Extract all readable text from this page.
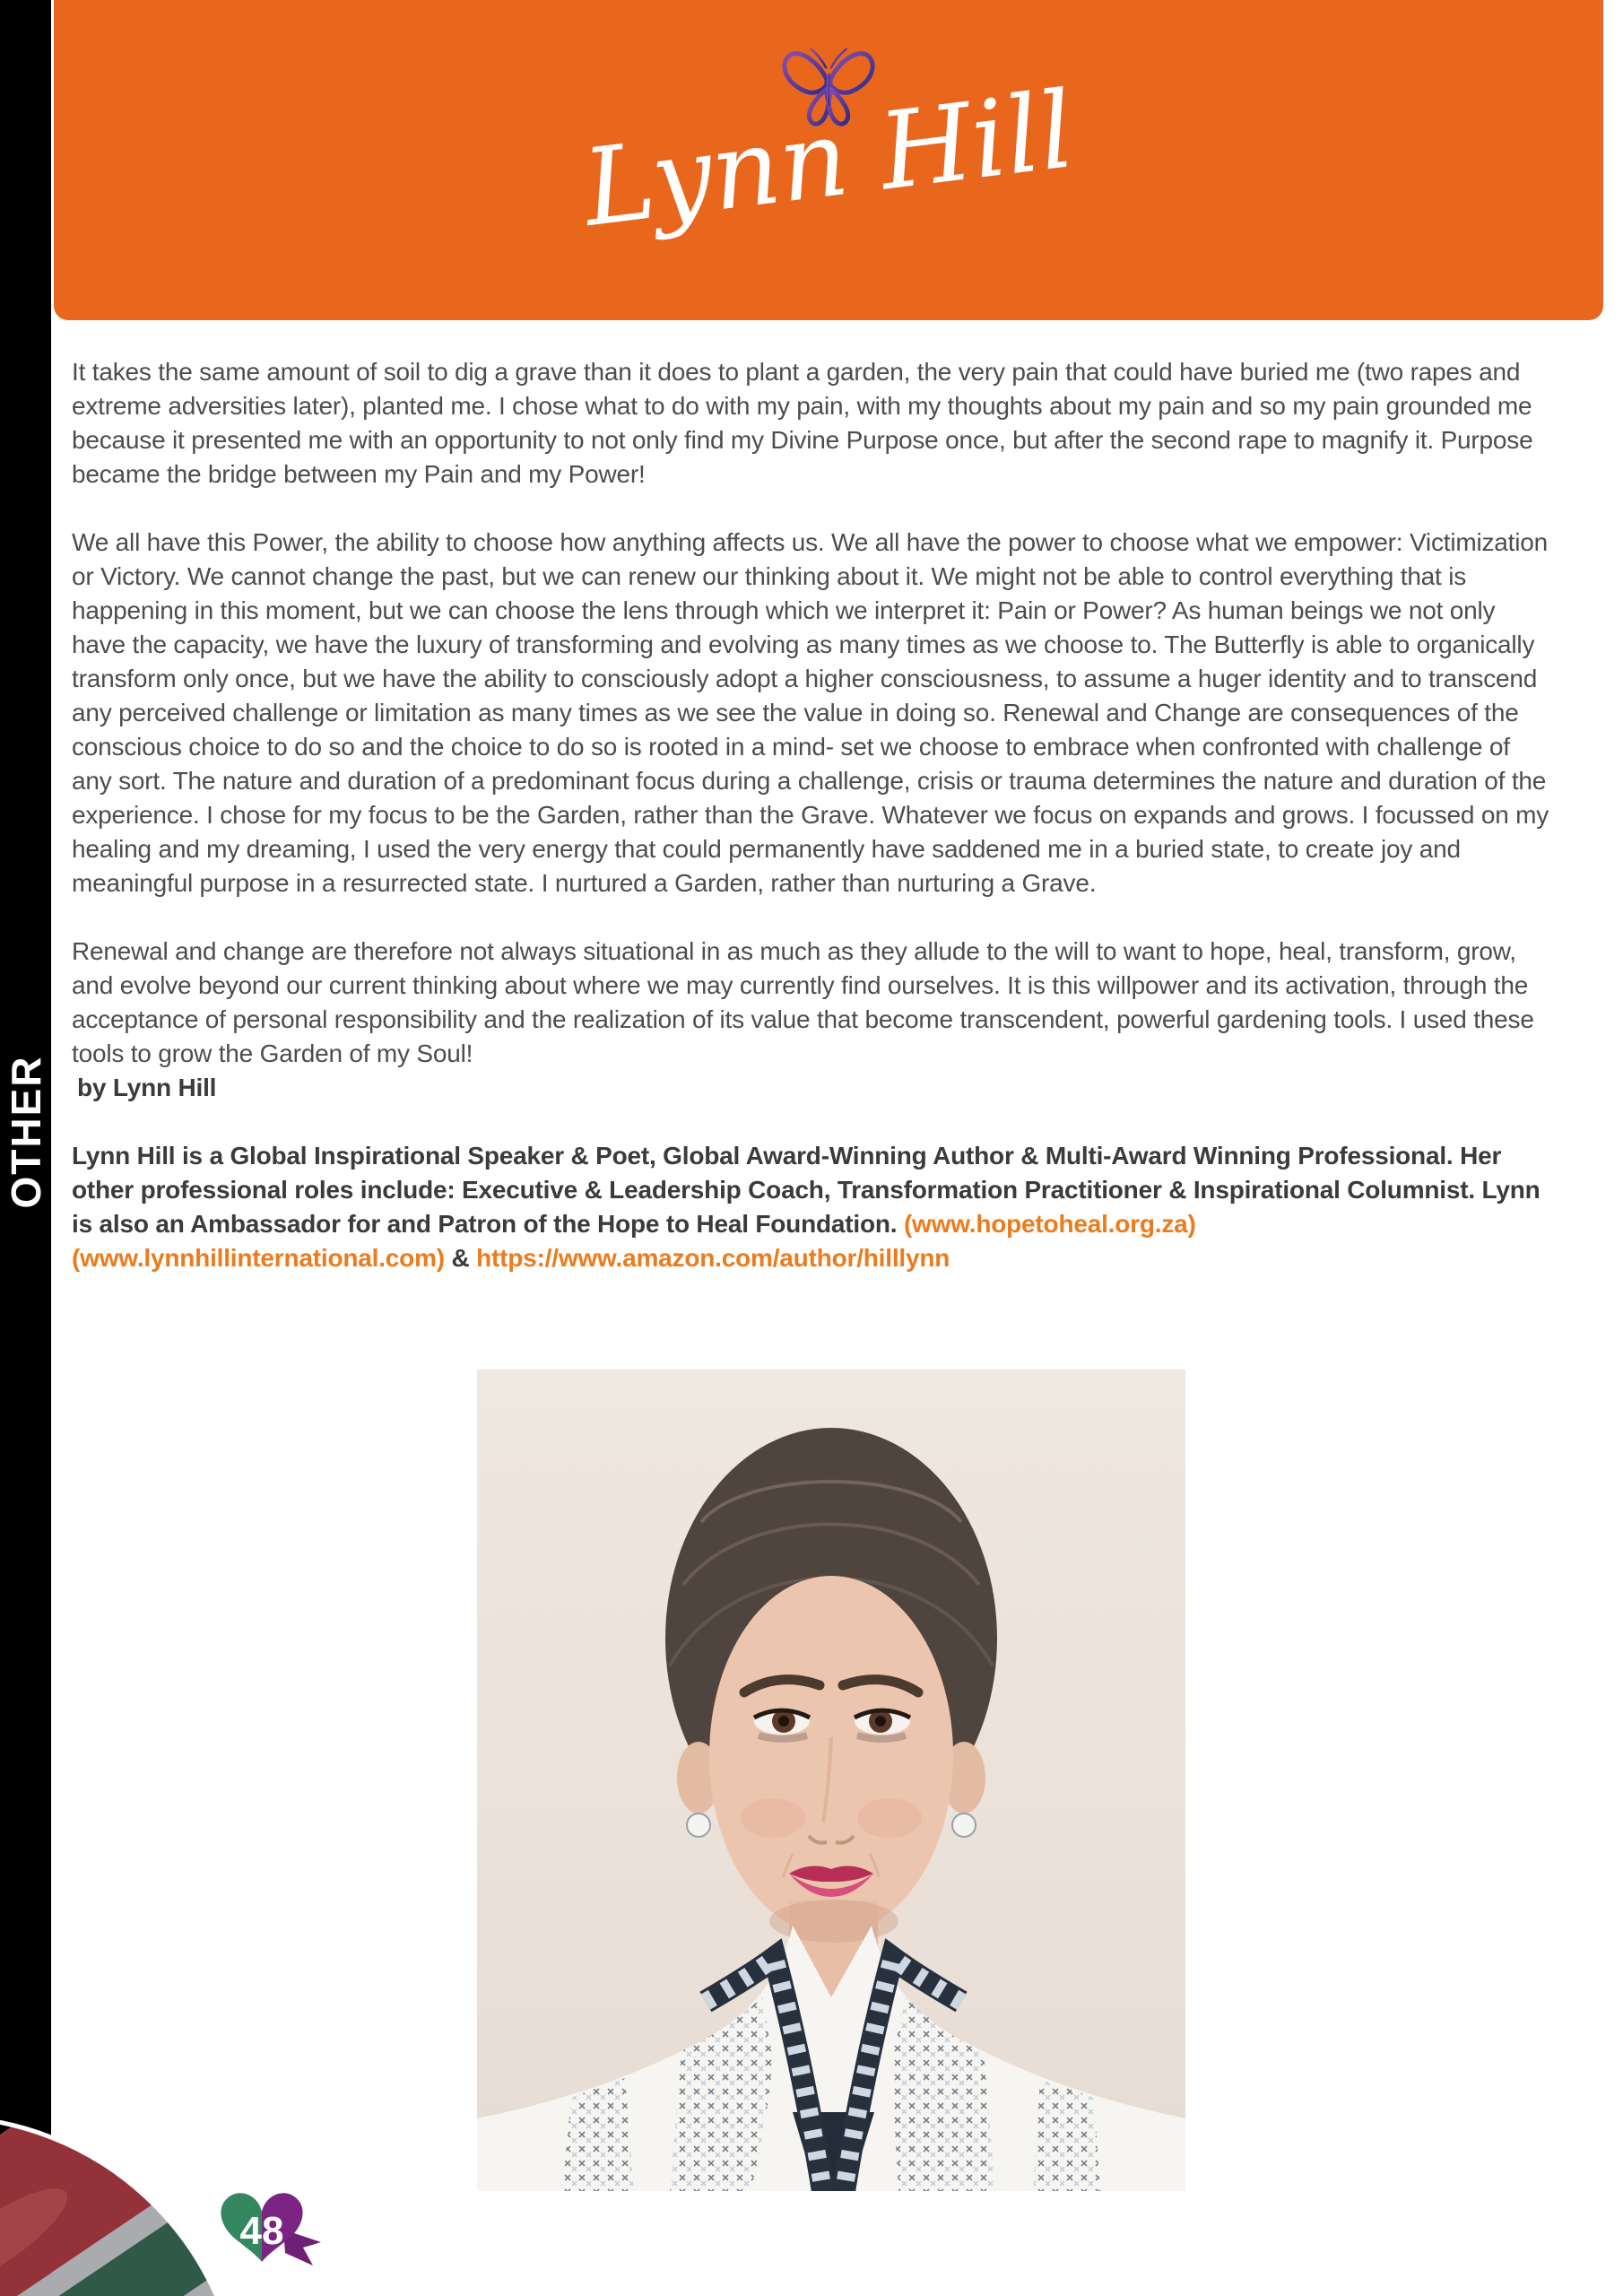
OTHER
Lynn Hill

It takes the same amount of soil to dig a grave than it does to plant a garden, the very pain that could have buried me (two rapes and extreme adversities later), planted me. I chose what to do with my pain, with my thoughts about my pain and so my pain grounded me because it presented me with an opportunity to not only find my Divine Purpose once, but after the second rape to magnify it. Purpose became the bridge between my Pain and my Power!

We all have this Power, the ability to choose how anything affects us. We all have the power to choose what we empower: Victimization or Victory. We cannot change the past, but we can renew our thinking about it. We might not be able to control everything that is happening in this moment, but we can choose the lens through which we interpret it: Pain or Power? As human beings we not only have the capacity, we have the luxury of transforming and evolving as many times as we choose to. The Butterfly is able to organically transform only once, but we have the ability to consciously adopt a higher consciousness, to assume a huger identity and to transcend any perceived challenge or limitation as many times as we see the value in doing so. Renewal and Change are consequences of the conscious choice to do so and the choice to do so is rooted in a mind- set we choose to embrace when confronted with challenge of any sort. The nature and duration of a predominant focus during a challenge, crisis or trauma determines the nature and duration of the experience. I chose for my focus to be the Garden, rather than the Grave. Whatever we focus on expands and grows. I focussed on my healing and my dreaming, I used the very energy that could permanently have saddened me in a buried state, to create joy and meaningful purpose in a resurrected state. I nurtured a Garden, rather than nurturing a Grave.

Renewal and change are therefore not always situational in as much as they allude to the will to want to hope, heal, transform, grow, and evolve beyond our current thinking about where we may currently find ourselves. It is this willpower and its activation, through the acceptance of personal responsibility and the realization of its value that become transcendent, powerful gardening tools. I used these tools to grow the Garden of my Soul!

by Lynn Hill

Lynn Hill is a Global Inspirational Speaker & Poet, Global Award-Winning Author & Multi-Award Winning Professional. Her other professional roles include: Executive & Leadership Coach, Transformation Practitioner & Inspirational Columnist. Lynn is also an Ambassador for and Patron of the Hope to Heal Foundation. (www.hopetoheal.org.za) (www.lynnhillinternational.com) & https://www.amazon.com/author/hilllynn

48
